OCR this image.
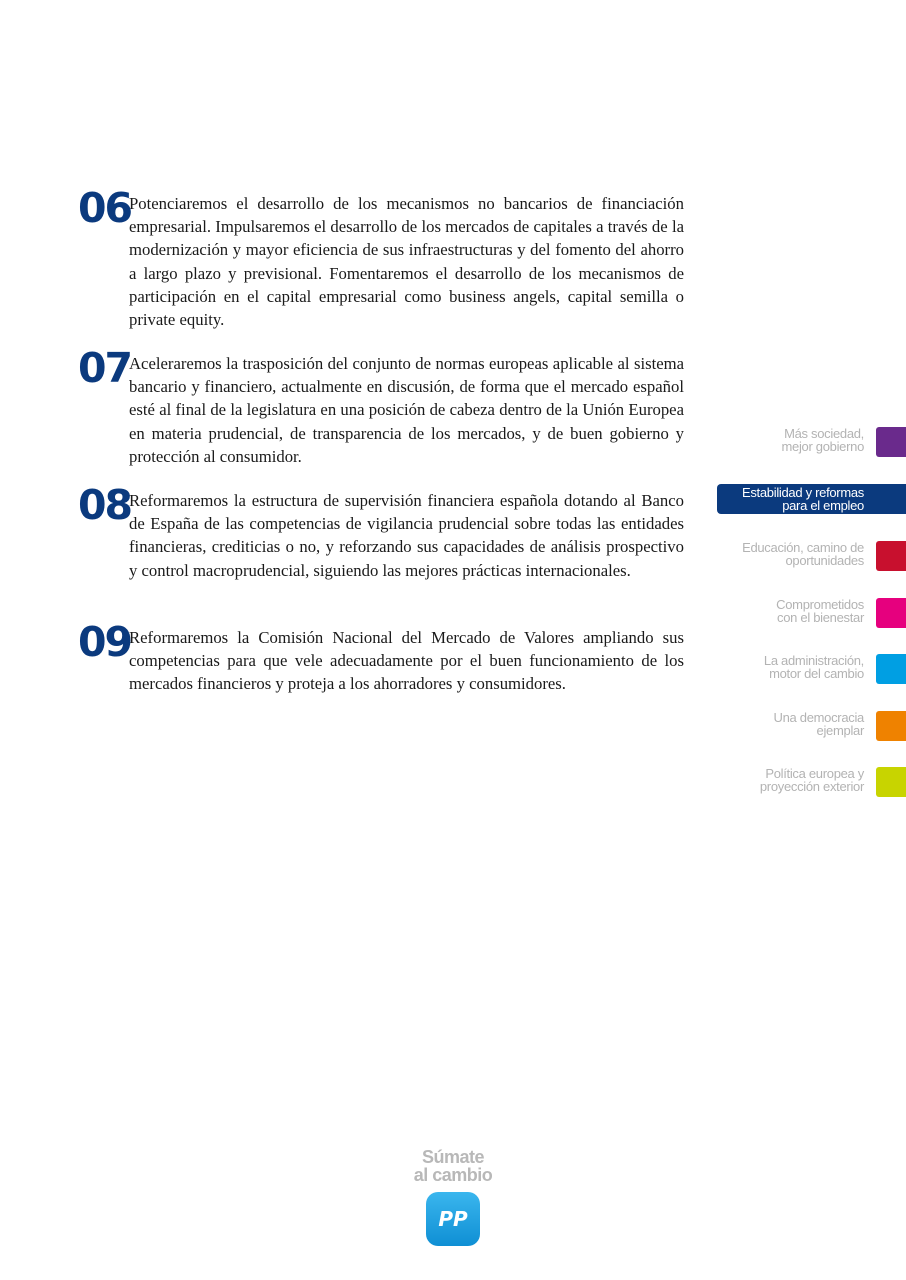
06
Potenciaremos el desarrollo de los mecanismos no bancarios de financiación empresarial. Impulsaremos el desarrollo de los mercados de capitales a través de la modernización y mayor eficiencia de sus infraestructuras y del fomento del ahorro a largo plazo y previsional. Fomentaremos el desarrollo de los mecanismos de participación en el capital empresarial como business angels, capital semilla o private equity.
07
Aceleraremos la trasposición del conjunto de normas europeas aplicable al sistema bancario y financiero, actualmente en discusión, de forma que el mercado español esté al final de la legislatura en una posición de cabeza dentro de la Unión Europea en materia prudencial, de transparencia de los mercados, y de buen gobierno y protección al consumidor.
08
Reformaremos la estructura de supervisión financiera española dotando al Banco de España de las competencias de vigilancia prudencial sobre todas las entidades financieras, crediticias o no, y reforzando sus capacidades de análisis prospectivo y control macroprudencial, siguiendo las mejores prácticas internacionales.
09
Reformaremos la Comisión Nacional del Mercado de Valores ampliando sus competencias para que vele adecuadamente por el buen funcionamiento de los mercados financieros y proteja a los ahorradores y consumidores.
Más sociedad,
mejor gobierno
Estabilidad y reformas
para el empleo
Educación, camino de
oportunidades
Comprometidos
con el bienestar
La administración,
motor del cambio
Una democracia
ejemplar
Política europea y
proyección exterior
Súmate
al cambio
PP
